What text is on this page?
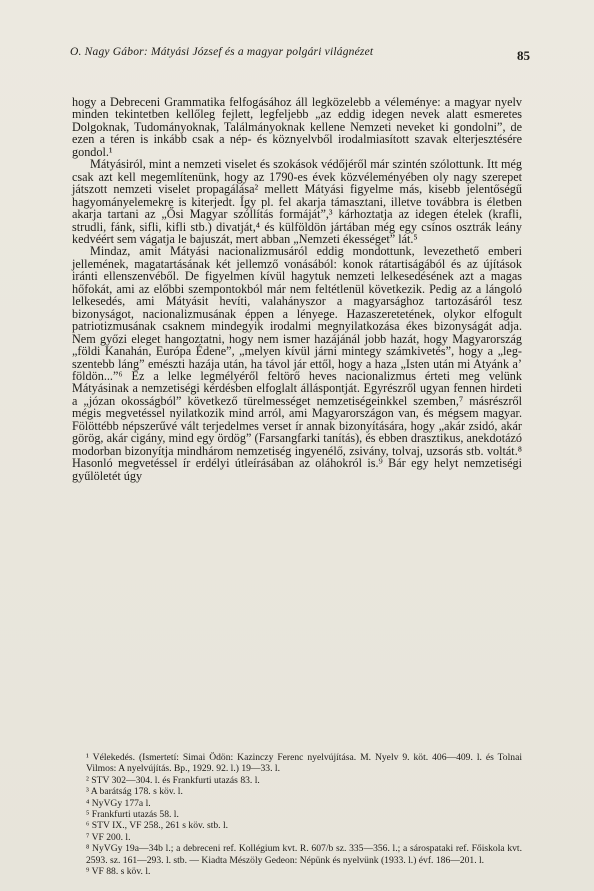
O. Nagy Gábor: Mátyási József és a magyar polgári világnézet	85

hogy a Debreceni Grammatika felfogásához áll legközelebb a véleménye: a magyar nyelv minden tekintetben kellőleg fejlett, legfeljebb „az eddig idegen nevek alatt esmeretes Dolgoknak, Tudományoknak, Találmányoknak kellene Nemzeti neveket ki gondolni”, de ezen a téren is inkább csak a nép- és köznyelvből irodalmiasított szavak elterjesztésére gondol.¹

Mátyásiról, mint a nemzeti viselet és szokások védőjéről már szintén szólottunk. Itt még csak azt kell megemlítenünk, hogy az 1790-es évek közvéleményében oly nagy szerepet játszott nemzeti viselet propagálása² mellett Mátyási figyelme más, kisebb jelentőségű hagyományelemekre is kiterjedt. Így pl. fel akarja támasztani, illetve továbbra is életben akarja tartani az „Ősi Magyar szóllítás formáját”,³ kárhoztatja az idegen ételek (krafli, strudli, fánk, sifli, kifli stb.) divatját,⁴ és külföldön jártában még egy csínos osztrák leány kedvéért sem vágatja le bajuszát, mert abban „Nemzeti ékességet” lát.⁵

Mindaz, amit Mátyási nacionalizmusáról eddig mondottunk, levezethető emberi jellemének, magatartásának két jellemző vonásából: konok rátartiságából és az újítások iránti ellenszenvéből. De figyelmen kívül hagytuk nemzeti lelkesedésének azt a magas hőfokát, ami az előbbi szempontokból már nem feltétlenül következik. Pedig az a lángoló lelkesedés, ami Mátyásit hevíti, valahányszor a magyarsághoz tartozásáról tesz bizonyságot, nacionalizmusának éppen a lényege. Hazaszeretetének, olykor elfogult patriotizmusának csaknem mindegyik irodalmi megnyilatkozása ékes bizonyságát adja. Nem győzi eleget hangoztatni, hogy nem ismer hazájánál jobb hazát, hogy Magyarország „földi Kanahán, Európa Édene”, „melyen kívül járni mintegy számkivetés”, hogy a „leg-szentebb láng” emészti hazája után, ha távol jár ettől, hogy a haza „Isten után mi Atyánk a’ földön...”⁶ Ez a lelke legmélyéről feltörő heves nacionalizmus érteti meg velünk Mátyásinak a nemzetiségi kérdésben elfoglalt álláspontját. Egyrészről ugyan fennen hirdeti a „józan okosságból” következő türelmességet nemzetiségeinkkel szemben,⁷ másrészről mégis megvetéssel nyilatkozik mind arról, ami Magyarországon van, és mégsem magyar. Fölöttébb népszerűvé vált terjedelmes verset ír annak bizonyítására, hogy „akár zsidó, akár görög, akár cigány, mind egy ördög” (Farsangfarki tanítás), és ebben drasztikus, anekdotázó modorban bizonyítja mindhárom nemzetiség ingyenélő, zsivány, tolvaj, uzsorás stb. voltát.⁸ Hasonló megvetéssel ír erdélyi útleírásában az oláhokról is.⁹ Bár egy helyt nemzetiségi gyűlöletét úgy

¹ Vélekedés. (Ismertetí: Simai Ödön: Kazinczy Ferenc nyelvújítása. M. Nyelv 9. köt. 406—409. l. és Tolnai Vilmos: A nyelvújítás. Bp., 1929. 92. l.) 19—33. l.

² STV 302—304. l. és Frankfurti utazás 83. l.

³ A barátság 178. s köv. l.

⁴ NyVGy 177a l.

⁵ Frankfurti utazás 58. l.

⁶ STV IX., VF 258., 261 s köv. stb. l.

⁷ VF 200. l.

⁸ NyVGy 19a—34b l.; a debreceni ref. Kollégium kvt. R. 607/b sz. 335—356. l.; a sárospataki ref. Főiskola kvt. 2593. sz. 161—293. l. stb. — Kiadta Mészöly Gedeon: Népünk és nyelvünk (1933. l.) évf. 186—201. l.

⁹ VF 88. s köv. l.
